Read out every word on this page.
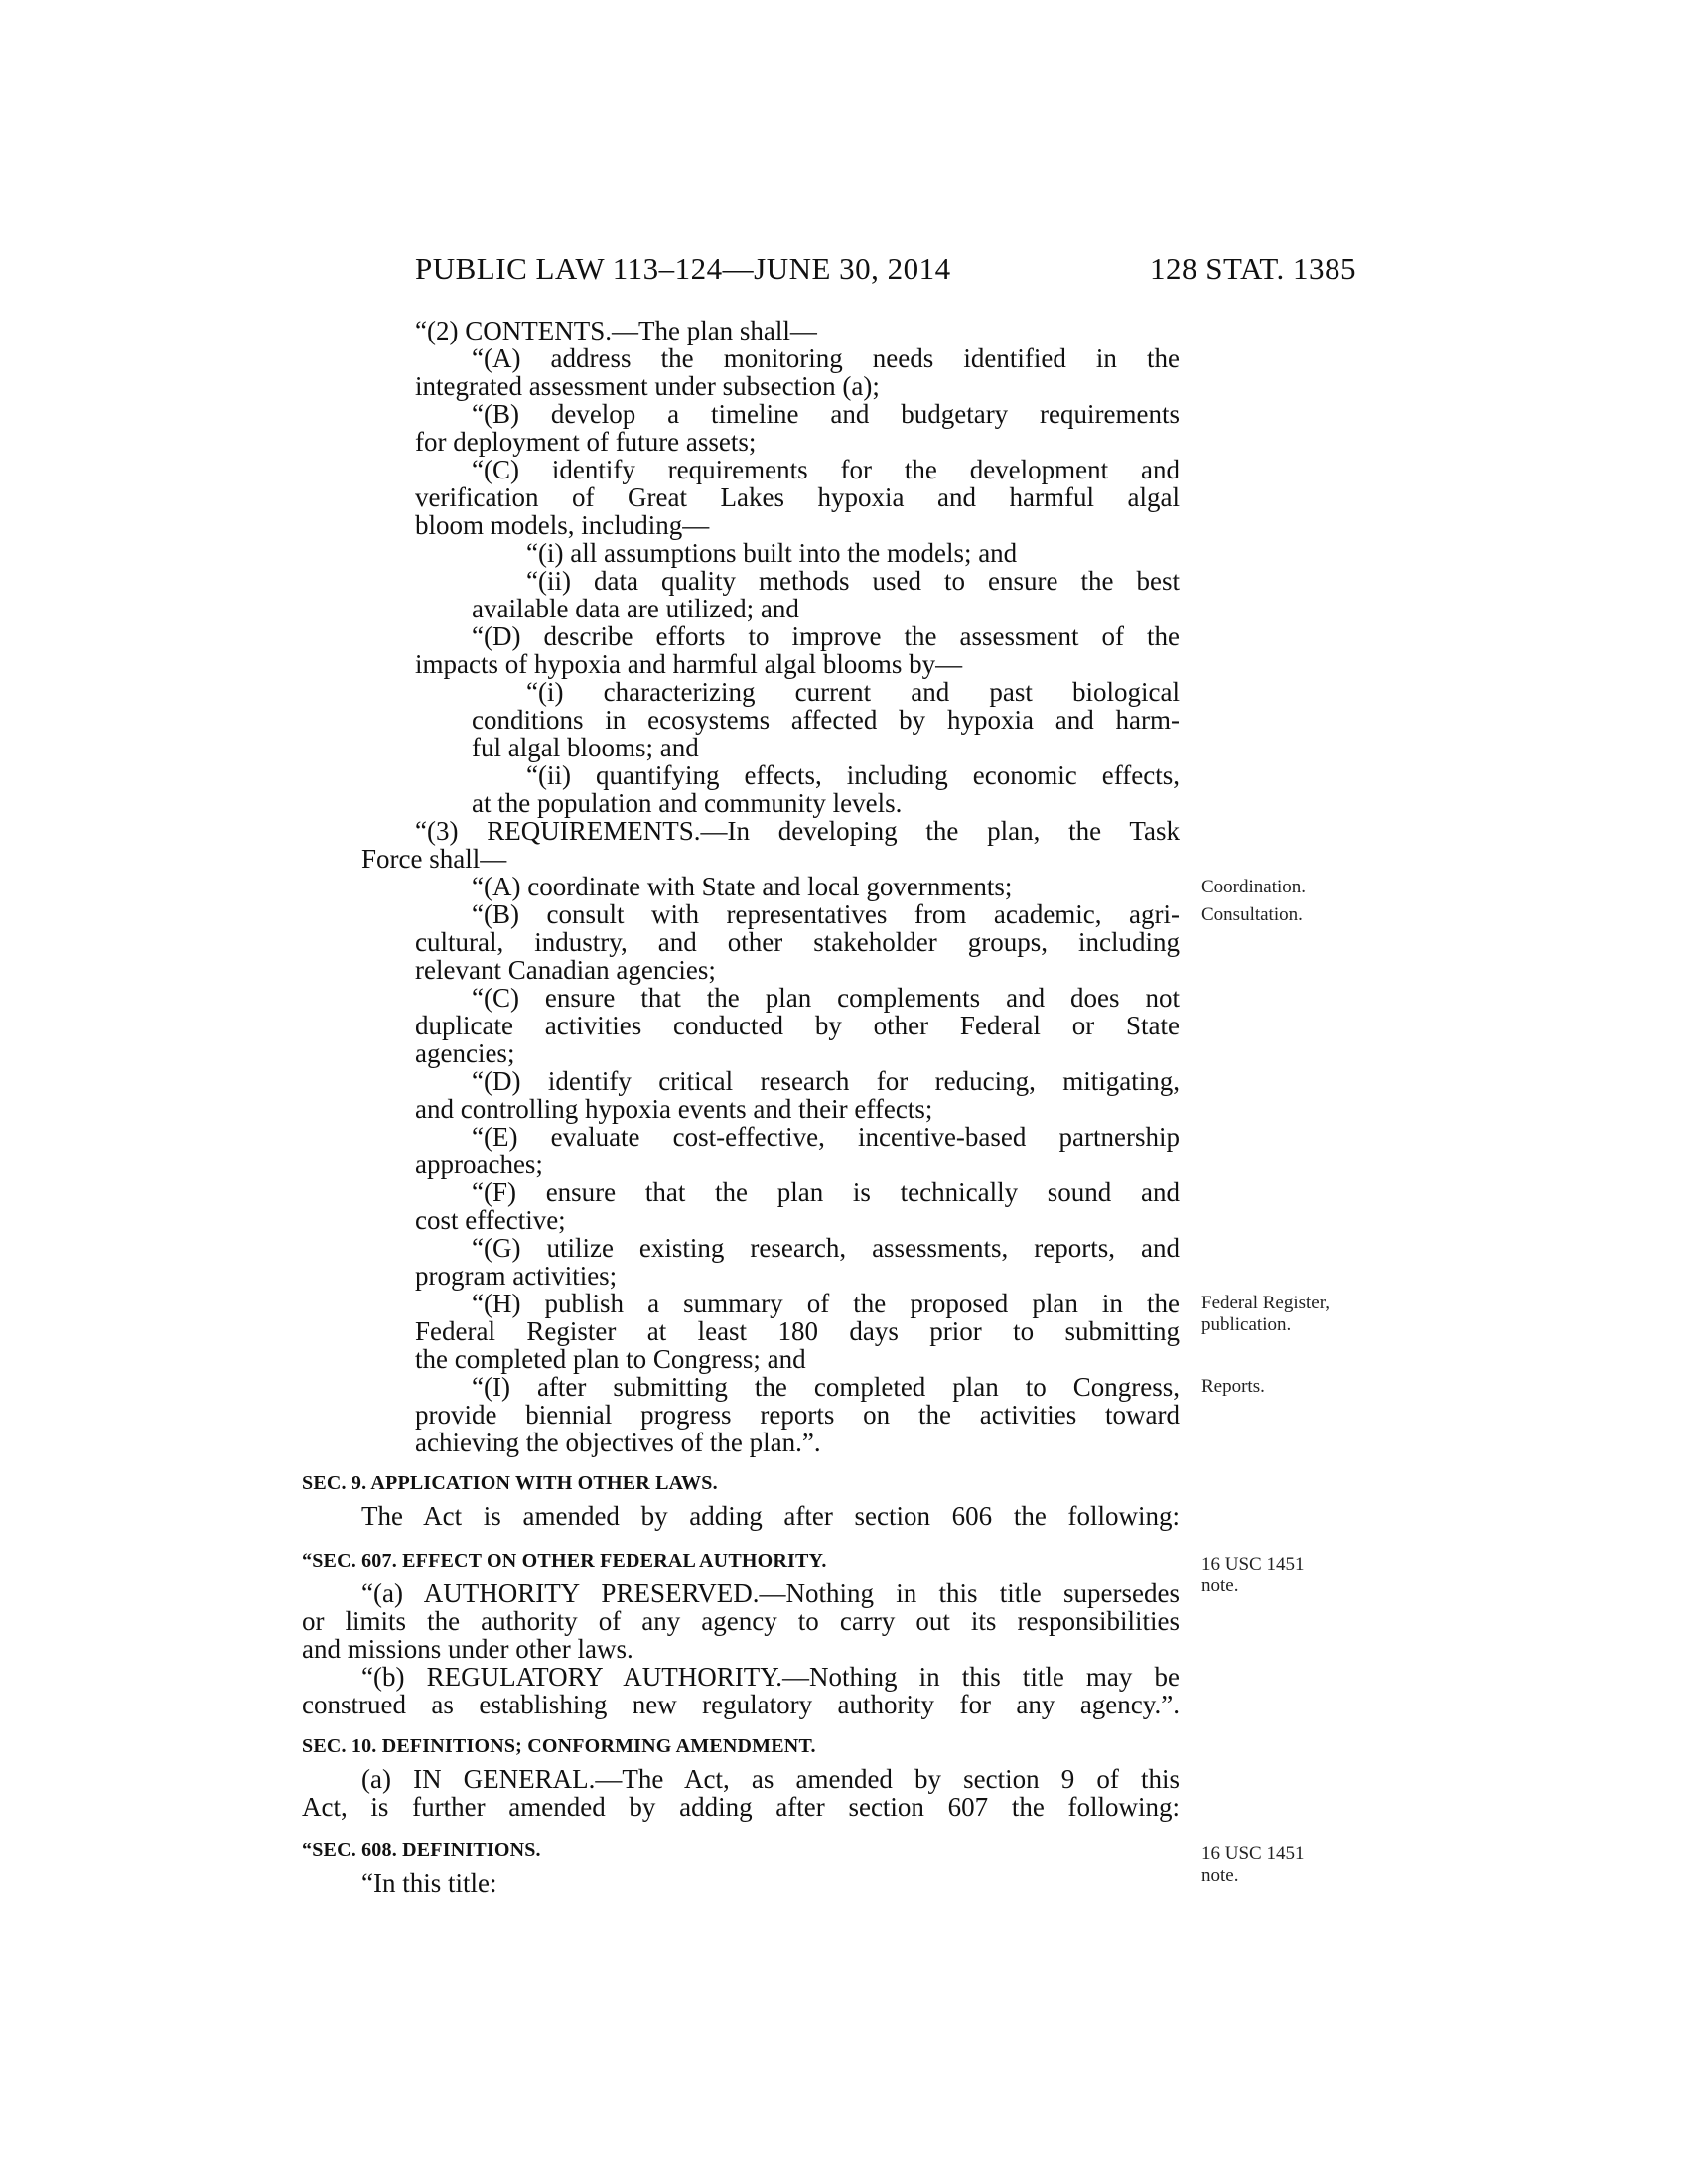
PUBLIC LAW 113–124—JUNE 30, 2014	128 STAT. 1385
“(2) CONTENTS.—The plan shall—
“(A) address the monitoring needs identified in the
integrated assessment under subsection (a);
“(B) develop a timeline and budgetary requirements
for deployment of future assets;
“(C) identify requirements for the development and
verification of Great Lakes hypoxia and harmful algal
bloom models, including—
“(i) all assumptions built into the models; and
“(ii) data quality methods used to ensure the best
available data are utilized; and
“(D) describe efforts to improve the assessment of the
impacts of hypoxia and harmful algal blooms by—
“(i) characterizing current and past biological
conditions in ecosystems affected by hypoxia and harm-
ful algal blooms; and
“(ii) quantifying effects, including economic effects,
at the population and community levels.
“(3) REQUIREMENTS.—In developing the plan, the Task
Force shall—
“(A) coordinate with State and local governments;
“(B) consult with representatives from academic, agri-
cultural, industry, and other stakeholder groups, including
relevant Canadian agencies;
“(C) ensure that the plan complements and does not
duplicate activities conducted by other Federal or State
agencies;
“(D) identify critical research for reducing, mitigating,
and controlling hypoxia events and their effects;
“(E) evaluate cost-effective, incentive-based partnership
approaches;
“(F) ensure that the plan is technically sound and
cost effective;
“(G) utilize existing research, assessments, reports, and
program activities;
“(H) publish a summary of the proposed plan in the
Federal Register at least 180 days prior to submitting
the completed plan to Congress; and
“(I) after submitting the completed plan to Congress,
provide biennial progress reports on the activities toward
achieving the objectives of the plan.”.
SEC. 9. APPLICATION WITH OTHER LAWS.
The Act is amended by adding after section 606 the following:
“SEC. 607. EFFECT ON OTHER FEDERAL AUTHORITY.
“(a) AUTHORITY PRESERVED.—Nothing in this title supersedes
or limits the authority of any agency to carry out its responsibilities
and missions under other laws.
“(b) REGULATORY AUTHORITY.—Nothing in this title may be
construed as establishing new regulatory authority for any agency.”.
SEC. 10. DEFINITIONS; CONFORMING AMENDMENT.
(a) IN GENERAL.—The Act, as amended by section 9 of this
Act, is further amended by adding after section 607 the following:
“SEC. 608. DEFINITIONS.
“In this title:
Coordination.
Consultation.
Federal Register,
publication.
Reports.
16 USC 1451
note.
16 USC 1451
note.
